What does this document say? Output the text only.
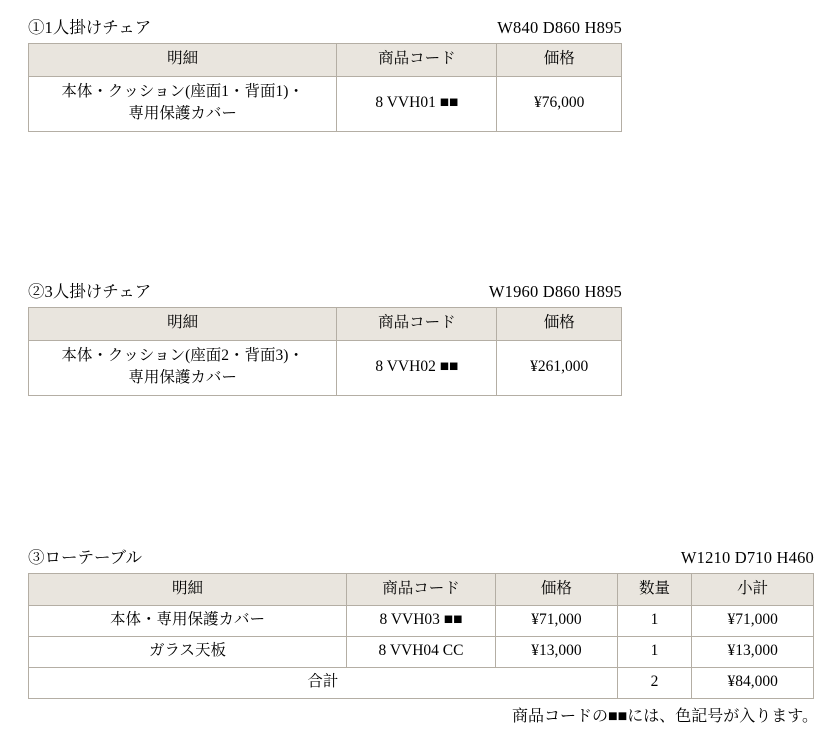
①1人掛けチェア	W840 D860 H895
明細	商品コード	価格
本体・クッション(座面1・背面1)・
専用保護カバー	8 VVH01 ■■	¥76,000
②3人掛けチェア	W1960 D860 H895
明細	商品コード	価格
本体・クッション(座面2・背面3)・
専用保護カバー	8 VVH02 ■■	¥261,000
③ローテーブル	W1210 D710 H460
明細	商品コード	価格	数量	小計
本体・専用保護カバー	8 VVH03 ■■	¥71,000	1	¥71,000
ガラス天板	8 VVH04 CC	¥13,000	1	¥13,000
合計			2	¥84,000
商品コードの■■には、色記号が入ります。
